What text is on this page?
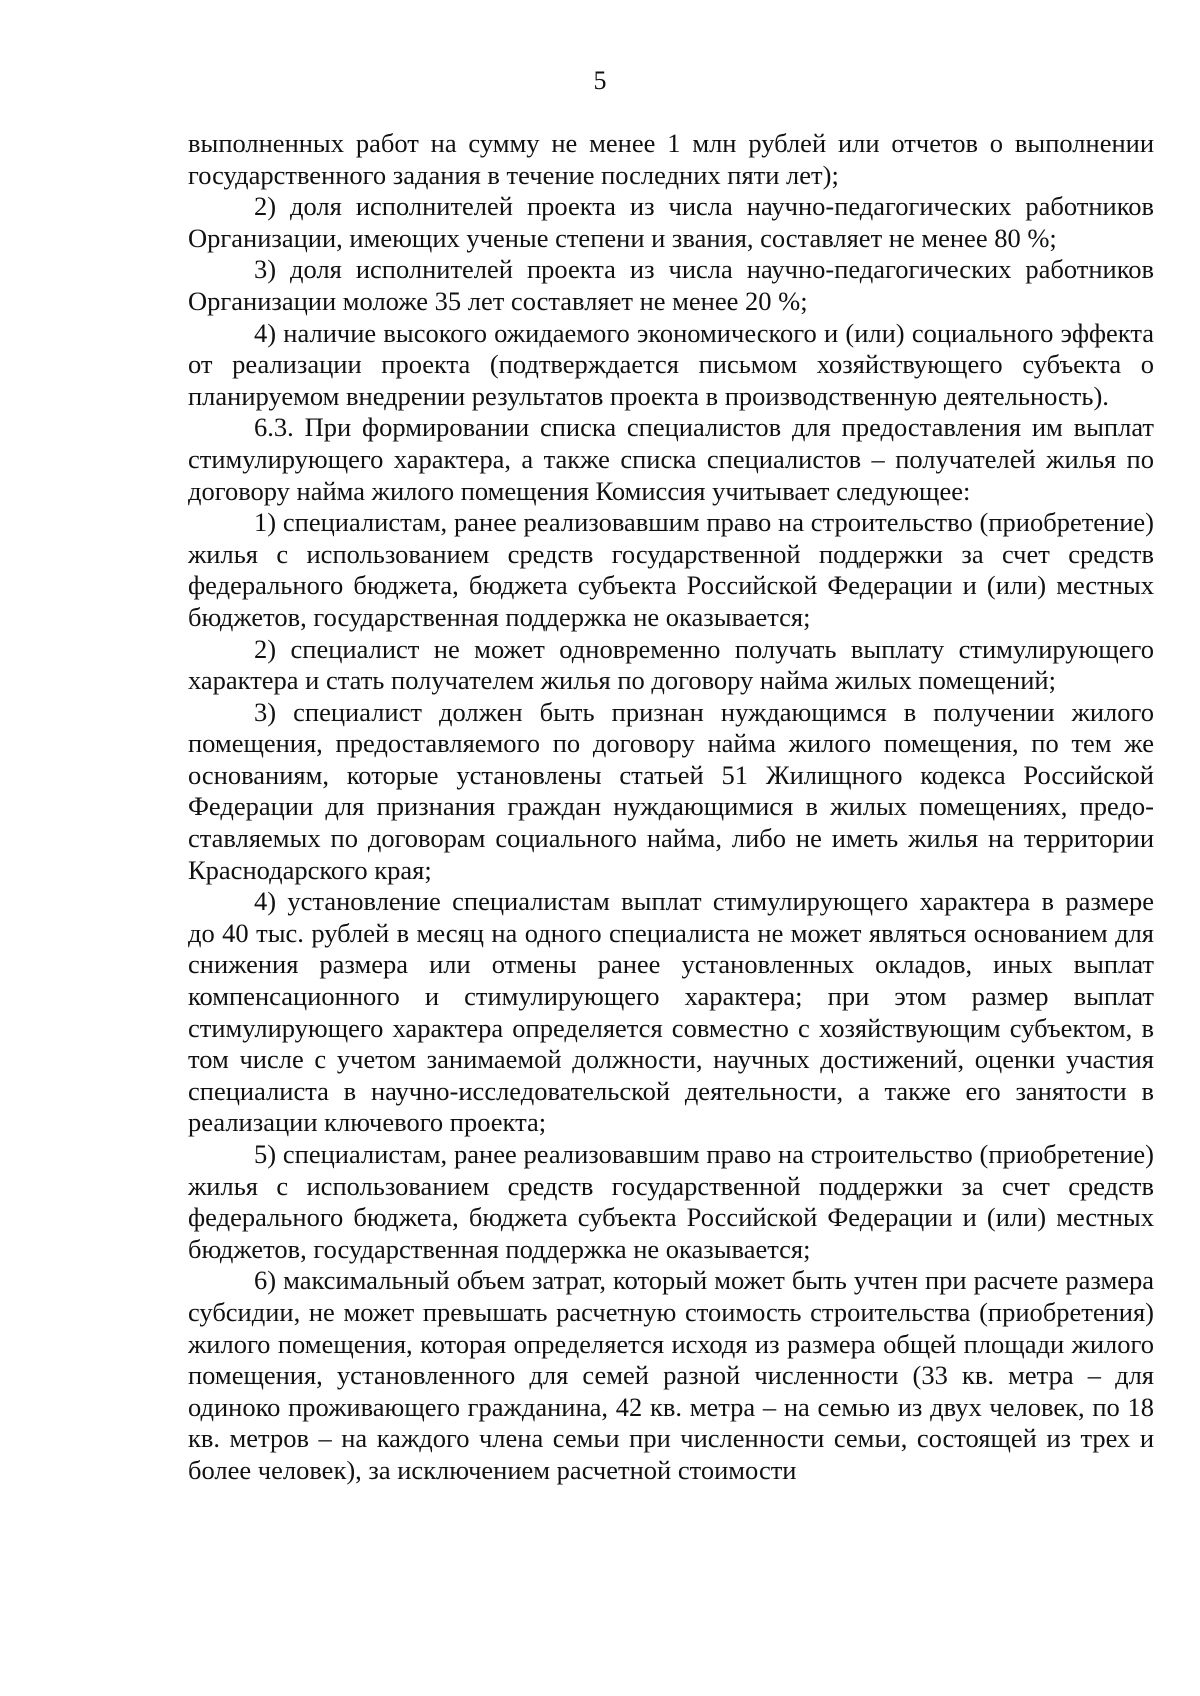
5

выполненных работ на сумму не менее 1 млн рублей или отчетов о выполнении государственного задания в течение последних пяти лет);

2) доля исполнителей проекта из числа научно-педагогических работников Организации, имеющих ученые степени и звания, составляет не менее 80 %;

3) доля исполнителей проекта из числа научно-педагогических работников Организации моложе 35 лет составляет не менее 20 %;

4) наличие высокого ожидаемого экономического и (или) социального эффекта от реализации проекта (подтверждается письмом хозяйствующего субъекта о планируемом внедрении результатов проекта в производственную деятельность).

6.3. При формировании списка специалистов для предоставления им выплат стимулирующего характера, а также списка специалистов – получателей жилья по договору найма жилого помещения Комиссия учитывает следующее:

1) специалистам, ранее реализовавшим право на строительство (приобретение) жилья с использованием средств государственной поддержки за счет средств федерального бюджета, бюджета субъекта Российской Федерации и (или) местных бюджетов, государственная поддержка не оказывается;

2) специалист не может одновременно получать выплату стимулирующего характера и стать получателем жилья по договору найма жилых помещений;

3) специалист должен быть признан нуждающимся в получении жилого помещения, предоставляемого по договору найма жилого помещения, по тем же основаниям, которые установлены статьей 51 Жилищного кодекса Российской Федерации для признания граждан нуждающимися в жилых помещениях, предоставляемых по договорам социального найма, либо не иметь жилья на территории Краснодарского края;

4) установление специалистам выплат стимулирующего характера в размере до 40 тыс. рублей в месяц на одного специалиста не может являться основанием для снижения размера или отмены ранее установленных окладов, иных выплат компенсационного и стимулирующего характера; при этом размер выплат стимулирующего характера определяется совместно с хозяйствующим субъектом, в том числе с учетом занимаемой должности, научных достижений, оценки участия специалиста в научно-исследовательской деятельности, а также его занятости в реализации ключевого проекта;

5) специалистам, ранее реализовавшим право на строительство (приобретение) жилья с использованием средств государственной поддержки за счет средств федерального бюджета, бюджета субъекта Российской Федерации и (или) местных бюджетов, государственная поддержка не оказывается;

6) максимальный объем затрат, который может быть учтен при расчете размера субсидии, не может превышать расчетную стоимость строительства (приобретения) жилого помещения, которая определяется исходя из размера общей площади жилого помещения, установленного для семей разной численности (33 кв. метра – для одиноко проживающего гражданина, 42 кв. метра – на семью из двух человек, по 18 кв. метров – на каждого члена семьи при численности семьи, состоящей из трех и более человек), за исключением расчетной стоимости
